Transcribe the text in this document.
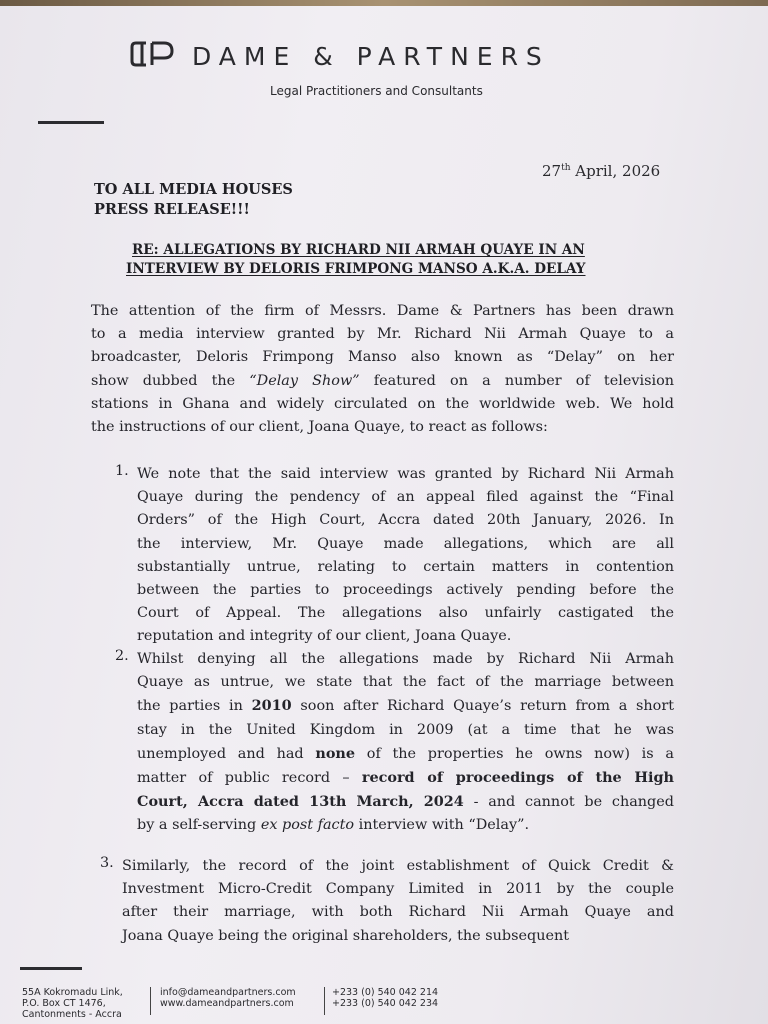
DAME & PARTNERS
Legal Practitioners and Consultants
27th April, 2026
TO ALL MEDIA HOUSES
PRESS RELEASE!!!
RE: ALLEGATIONS BY RICHARD NII ARMAH QUAYE IN AN
INTERVIEW BY DELORIS FRIMPONG MANSO A.K.A. DELAY
The attention of the firm of Messrs. Dame & Partners has been drawn
to a media interview granted by Mr. Richard Nii Armah Quaye to a
broadcaster, Deloris Frimpong Manso also known as “Delay” on her
show dubbed the “Delay Show” featured on a number of television
stations in Ghana and widely circulated on the worldwide web. We hold
the instructions of our client, Joana Quaye, to react as follows:
1. We note that the said interview was granted by Richard Nii Armah
Quaye during the pendency of an appeal filed against the “Final
Orders” of the High Court, Accra dated 20th January, 2026. In
the interview, Mr. Quaye made allegations, which are all
substantially untrue, relating to certain matters in contention
between the parties to proceedings actively pending before the
Court of Appeal. The allegations also unfairly castigated the
reputation and integrity of our client, Joana Quaye.
2. Whilst denying all the allegations made by Richard Nii Armah
Quaye as untrue, we state that the fact of the marriage between
the parties in 2010 soon after Richard Quaye’s return from a short
stay in the United Kingdom in 2009 (at a time that he was
unemployed and had none of the properties he owns now) is a
matter of public record – record of proceedings of the High
Court, Accra dated 13th March, 2024 - and cannot be changed
by a self-serving ex post facto interview with “Delay”.
3. Similarly, the record of the joint establishment of Quick Credit &
Investment Micro-Credit Company Limited in 2011 by the couple
after their marriage, with both Richard Nii Armah Quaye and
Joana Quaye being the original shareholders, the subsequent
55A Kokromadu Link,
P.O. Box CT 1476,
Cantonments - Accra
info@dameandpartners.com
www.dameandpartners.com
+233 (0) 540 042 214
+233 (0) 540 042 234
